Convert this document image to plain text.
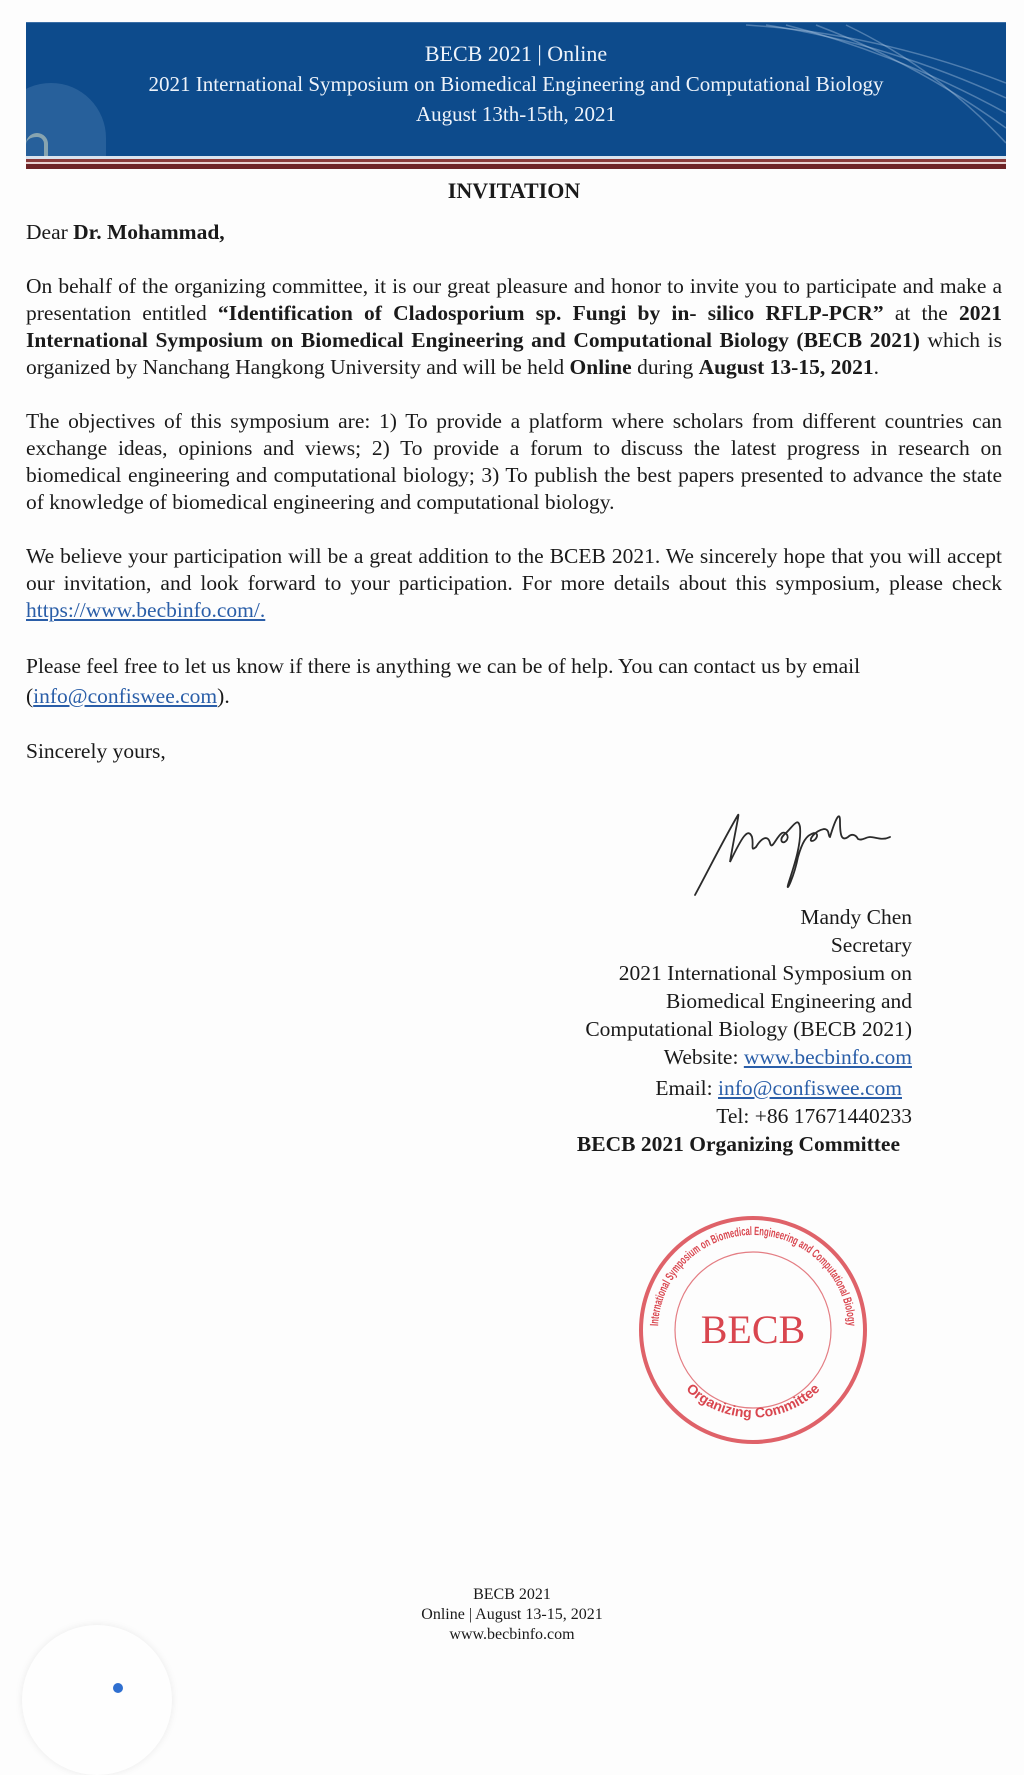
BECB 2021 | Online
2021 International Symposium on Biomedical Engineering and Computational Biology
August 13th-15th, 2021
INVITATION
Dear Dr. Mohammad,

On behalf of the organizing committee, it is our great pleasure and honor to invite you to participate and make a presentation entitled “Identification of Cladosporium sp. Fungi by in- silico RFLP-PCR” at the 2021 International Symposium on Biomedical Engineering and Computational Biology (BECB 2021) which is organized by Nanchang Hangkong University and will be held Online during August 13-15, 2021.

The objectives of this symposium are: 1) To provide a platform where scholars from different countries can exchange ideas, opinions and views; 2) To provide a forum to discuss the latest progress in research on biomedical engineering and computational biology; 3) To publish the best papers presented to advance the state of knowledge of biomedical engineering and computational biology.

We believe your participation will be a great addition to the BCEB 2021. We sincerely hope that you will accept our invitation, and look forward to your participation. For more details about this symposium, please check https://www.becbinfo.com/.

Please feel free to let us know if there is anything we can be of help. You can contact us by email (info@confiswee.com).

Sincerely yours,

Mandy Chen
Secretary
2021 International Symposium on
Biomedical Engineering and
Computational Biology (BECB 2021)
Website: www.becbinfo.com
Email: info@confiswee.com
Tel: +86 17671440233
BECB 2021 Organizing Committee
International Symposium on Biomedical Engineering and Computational Biology
BECB
Organizing Committee
BECB 2021
Online | August 13-15, 2021
www.becbinfo.com
